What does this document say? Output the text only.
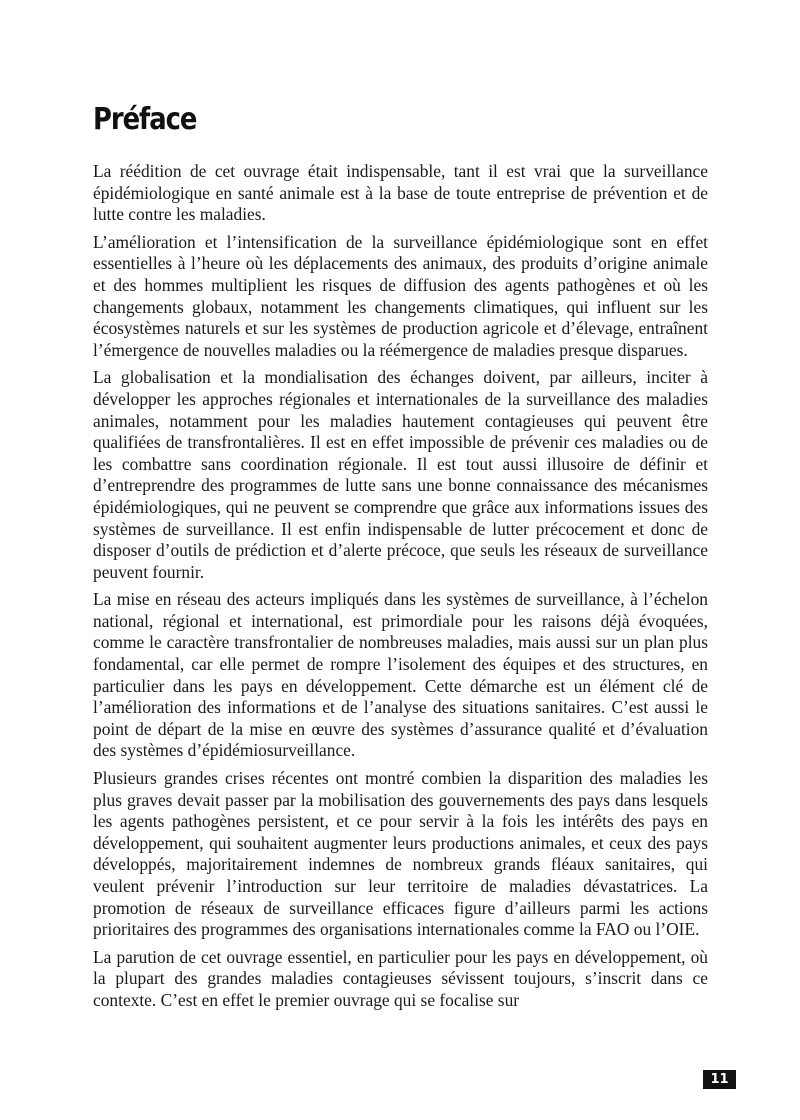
Préface

La réédition de cet ouvrage était indispensable, tant il est vrai que la surveillance épidémiologique en santé animale est à la base de toute entreprise de prévention et de lutte contre les maladies.

L’amélioration et l’intensification de la surveillance épidémiologique sont en effet essentielles à l’heure où les déplacements des animaux, des produits d’origine animale et des hommes multiplient les risques de diffusion des agents pathogènes et où les changements globaux, notamment les changements climatiques, qui influent sur les écosystèmes naturels et sur les systèmes de production agricole et d’élevage, entraînent l’émergence de nouvelles maladies ou la réémergence de maladies presque disparues.

La globalisation et la mondialisation des échanges doivent, par ailleurs, inciter à développer les approches régionales et internationales de la surveillance des maladies animales, notamment pour les maladies hautement contagieuses qui peuvent être qualifiées de transfrontalières. Il est en effet impossible de prévenir ces maladies ou de les combattre sans coordination régionale. Il est tout aussi illusoire de définir et d’entreprendre des programmes de lutte sans une bonne connaissance des mécanismes épidémiologiques, qui ne peuvent se comprendre que grâce aux informations issues des systèmes de surveillance. Il est enfin indispensable de lutter précocement et donc de disposer d’outils de prédiction et d’alerte précoce, que seuls les réseaux de surveillance peuvent fournir.

La mise en réseau des acteurs impliqués dans les systèmes de surveillance, à l’échelon national, régional et international, est primordiale pour les raisons déjà évoquées, comme le caractère transfrontalier de nombreuses maladies, mais aussi sur un plan plus fondamental, car elle permet de rompre l’isolement des équipes et des structures, en particulier dans les pays en développement. Cette démarche est un élément clé de l’amélioration des informations et de l’analyse des situations sanitaires. C’est aussi le point de départ de la mise en œuvre des systèmes d’assurance qualité et d’évaluation des systèmes d’épidémiosurveillance.

Plusieurs grandes crises récentes ont montré combien la disparition des maladies les plus graves devait passer par la mobilisation des gouvernements des pays dans lesquels les agents pathogènes persistent, et ce pour servir à la fois les intérêts des pays en développement, qui souhaitent augmenter leurs productions animales, et ceux des pays développés, majoritairement indemnes de nombreux grands fléaux sanitaires, qui veulent prévenir l’introduction sur leur territoire de maladies dévastatrices. La promotion de réseaux de surveillance efficaces figure d’ailleurs parmi les actions prioritaires des programmes des organisations internationales comme la FAO ou l’OIE.

La parution de cet ouvrage essentiel, en particulier pour les pays en développement, où la plupart des grandes maladies contagieuses sévissent toujours, s’inscrit dans ce contexte. C’est en effet le premier ouvrage qui se focalise sur

11
